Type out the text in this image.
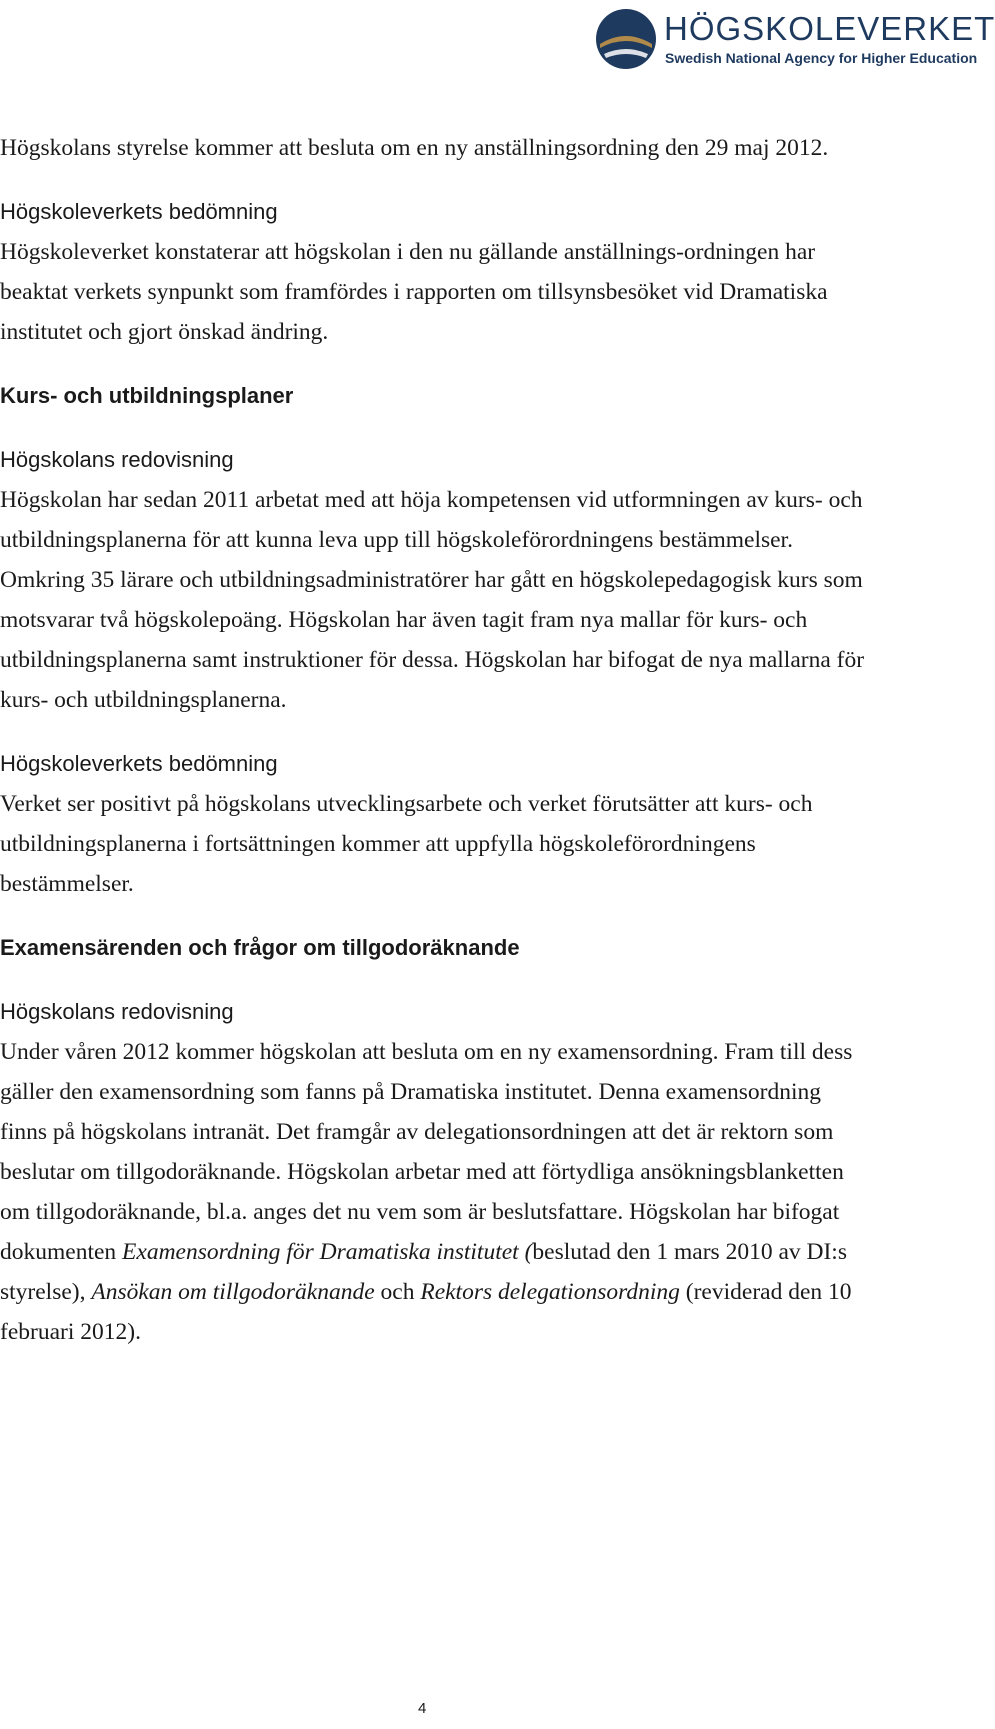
HÖGSKOLEVERKET
Swedish National Agency for Higher Education

Högskolans styrelse kommer att besluta om en ny anställningsordning den 29 maj 2012.

Högskoleverkets bedömning

Högskoleverket konstaterar att högskolan i den nu gällande anställnings-ordningen har beaktat verkets synpunkt som framfördes i rapporten om tillsynsbesöket vid Dramatiska institutet och gjort önskad ändring.

Kurs- och utbildningsplaner

Högskolans redovisning

Högskolan har sedan 2011 arbetat med att höja kompetensen vid utformningen av kurs- och utbildningsplanerna för att kunna leva upp till högskoleförordningens bestämmelser. Omkring 35 lärare och utbildningsadministratörer har gått en högskolepedagogisk kurs som motsvarar två högskolepoäng. Högskolan har även tagit fram nya mallar för kurs- och utbildningsplanerna samt instruktioner för dessa. Högskolan har bifogat de nya mallarna för kurs- och utbildningsplanerna.

Högskoleverkets bedömning

Verket ser positivt på högskolans utvecklingsarbete och verket förutsätter att kurs- och utbildningsplanerna i fortsättningen kommer att uppfylla högskoleförordningens bestämmelser.

Examensärenden och frågor om tillgodoräknande

Högskolans redovisning

Under våren 2012 kommer högskolan att besluta om en ny examensordning. Fram till dess gäller den examensordning som fanns på Dramatiska institutet. Denna examensordning finns på högskolans intranät. Det framgår av delegationsordningen att det är rektorn som beslutar om tillgodoräknande. Högskolan arbetar med att förtydliga ansökningsblanketten om tillgodoräknande, bl.a. anges det nu vem som är beslutsfattare. Högskolan har bifogat dokumenten Examensordning för Dramatiska institutet (beslutad den 1 mars 2010 av DI:s styrelse), Ansökan om tillgodoräknande och Rektors delegationsordning (reviderad den 10 februari 2012).

4
